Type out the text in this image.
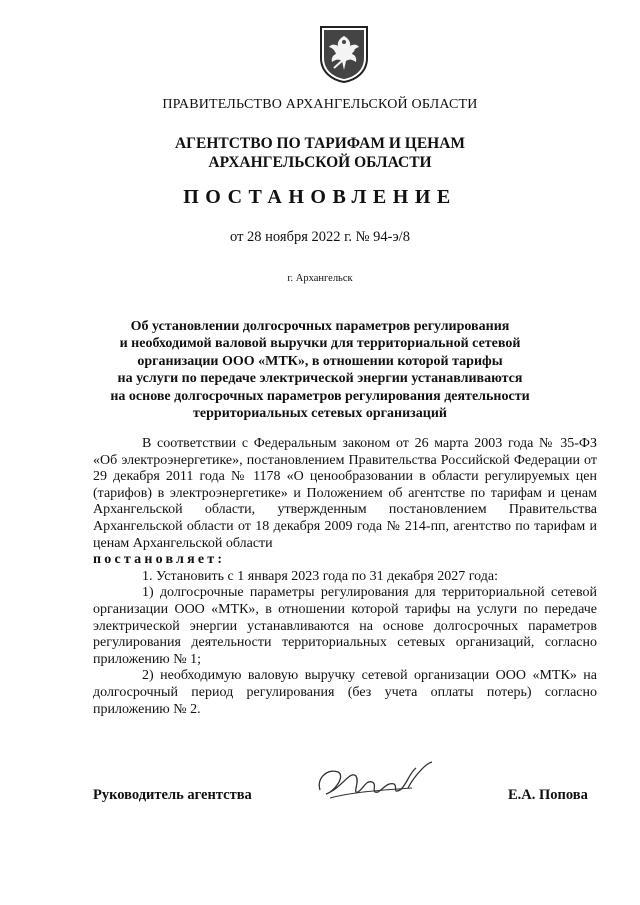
ПРАВИТЕЛЬСТВО АРХАНГЕЛЬСКОЙ ОБЛАСТИ
АГЕНТСТВО ПО ТАРИФАМ И ЦЕНАМ
АРХАНГЕЛЬСКОЙ ОБЛАСТИ
ПОСТАНОВЛЕНИЕ
от 28 ноября 2022 г. № 94-э/8
г. Архангельск
Об установлении долгосрочных параметров регулирования
и необходимой валовой выручки для территориальной сетевой
организации ООО «МТК», в отношении которой тарифы
на услуги по передаче электрической энергии устанавливаются
на основе долгосрочных параметров регулирования деятельности
территориальных сетевых организаций

В соответствии с Федеральным законом от 26 марта 2003 года № 35-ФЗ «Об электроэнергетике», постановлением Правительства Российской Федерации от 29 декабря 2011 года № 1178 «О ценообразовании в области регулируемых цен (тарифов) в электроэнергетике» и Положением об агентстве по тарифам и ценам Архангельской области, утвержденным постановлением Правительства Архангельской области от 18 декабря 2009 года № 214-пп, агентство по тарифам и ценам Архангельской области

постановляет:

1. Установить с 1 января 2023 года по 31 декабря 2027 года:

1) долгосрочные параметры регулирования для территориальной сетевой организации ООО «МТК», в отношении которой тарифы на услуги по передаче электрической энергии устанавливаются на основе долгосрочных параметров регулирования деятельности территориальных сетевых организаций, согласно приложению № 1;

2) необходимую валовую выручку сетевой организации ООО «МТК» на долгосрочный период регулирования (без учета оплаты потерь) согласно приложению № 2.

Руководитель агентства	Е.А. Попова
